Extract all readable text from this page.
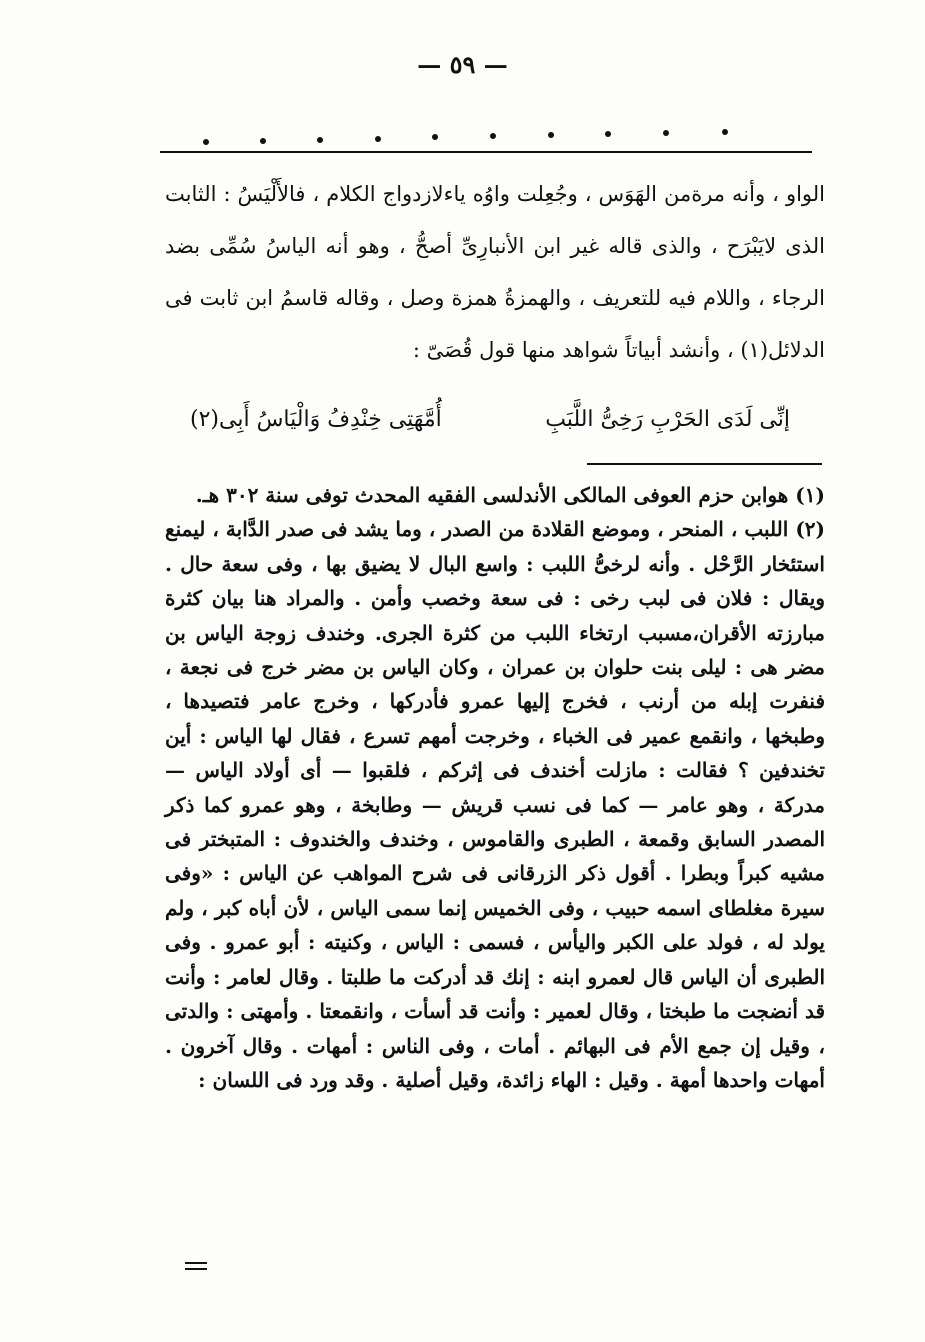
— ٥٩ —

الواو ، وأنه مرةمن الهَوَس ، وجُعِلت واوُه ياءلازدواج الكلام ، فالأَلْيَسُ : الثابت الذى لايَبْرَح ، والذى قاله غير ابن الأنبارِىِّ أصحُّ ، وهو أنه الياسُ سُمِّى بضد الرجاء ، واللام فيه للتعريف ، والهمزةُ همزة وصل ، وقاله قاسمُ ابن ثابت فى الدلائل(١) ، وأنشد أبياتاً شواهد منها قول قُصَىّ :

إنِّى لَدَى الحَرْبِ رَخِىُّ اللَّبَبِ
أُمَّهَتِى خِنْدِفُ وَالْيَاسُ أَبِى(٢)

(١) هوابن حزم العوفى المالكى الأندلسى الفقيه المحدث توفى سنة ٣٠٢ هـ.

(٢) اللبب ، المنحر ، وموضع القلادة من الصدر ، وما يشد فى صدر الدَّابة ، ليمنع استئخار الرَّحْل . وأنه لرخىُّ اللبب : واسع البال لا يضيق بها ، وفى سعة حال . ويقال : فلان فى لبب رخى : فى سعة وخصب وأمن . والمراد هنا بيان كثرة مبارزته الأقران،مسبب ارتخاء اللبب من كثرة الجرى. وخندف زوجة الياس بن مضر هى : ليلى بنت حلوان بن عمران ، وكان الياس بن مضر خرج فى نجعة ، فنفرت إبله من أرنب ، فخرج إليها عمرو فأدركها ، وخرج عامر فتصيدها ، وطبخها ، وانقمع عمير فى الخباء ، وخرجت أمهم تسرع ، فقال لها الياس : أين تخندفين ؟ فقالت : مازلت أخندف فى إثركم ، فلقبوا — أى أولاد الياس — مدركة ، وهو عامر — كما فى نسب قريش — وطابخة ، وهو عمرو كما ذكر المصدر السابق وقمعة ، الطبرى والقاموس ، وخندف والخندوف : المتبختر فى مشيه كبراً وبطرا . أقول ذكر الزرقانى فى شرح المواهب عن الياس : «وفى سيرة مغلطاى اسمه حبيب ، وفى الخميس إنما سمى الياس ، لأن أباه كبر ، ولم يولد له ، فولد على الكبر واليأس ، فسمى : الياس ، وكنيته : أبو عمرو . وفى الطبرى أن الياس قال لعمرو ابنه : إنك قد أدركت ما طلبتا . وقال لعامر : وأنت قد أنضجت ما طبختا ، وقال لعمير : وأنت قد أسأت ، وانقمعتا . وأمهتى : والدتى ، وقيل إن جمع الأم فى البهائم . أمات ، وفى الناس : أمهات . وقال آخرون . أمهات واحدها أمهة . وقيل : الهاء زائدة، وقيل أصلية . وقد ورد فى اللسان :
